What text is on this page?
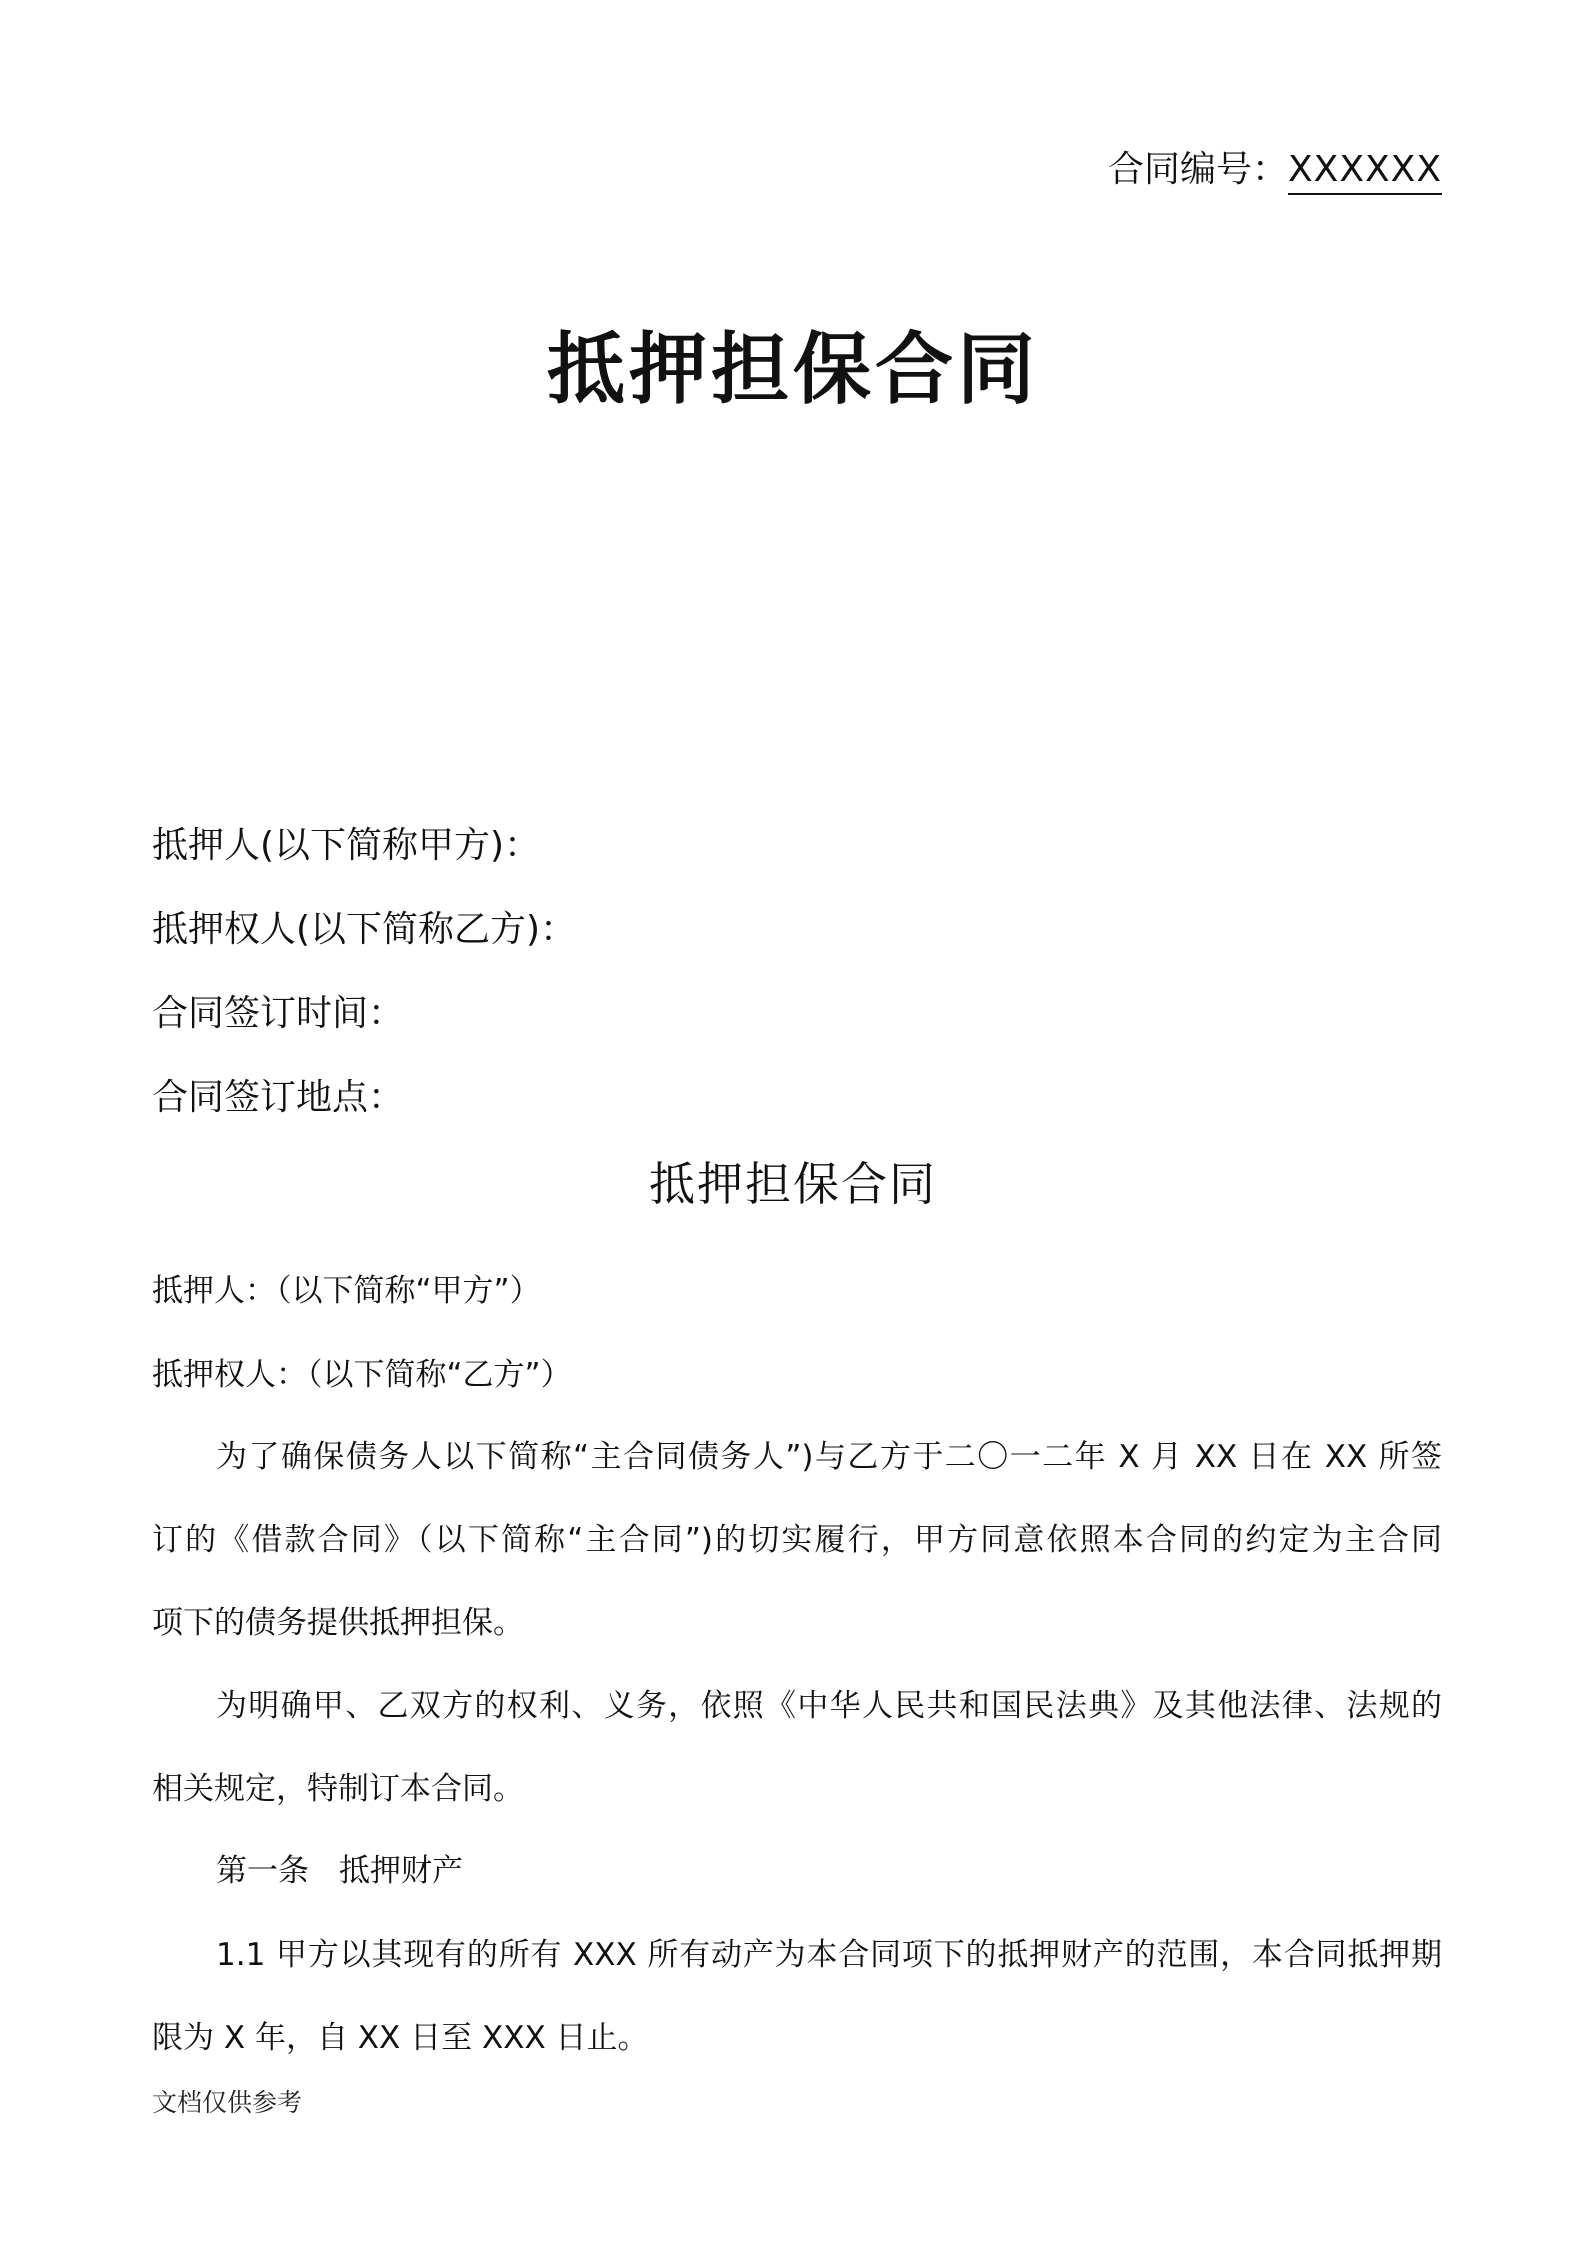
合同编号：XXXXXX
抵押担保合同
抵押人(以下简称甲方)：
抵押权人(以下简称乙方)：
合同签订时间：
合同签订地点：
抵押担保合同
抵押人：（以下简称“甲方”）
抵押权人：（以下简称“乙方”）

为了确保债务人以下简称“主合同债务人”)与乙方于二〇一二年 X 月 XX 日在 XX 所签
订的《借款合同》（以下简称“主合同”)的切实履行，甲方同意依照本合同的约定为主合同
项下的债务提供抵押担保。

为明确甲、乙双方的权利、义务，依照《中华人民共和国民法典》及其他法律、法规的
相关规定，特制订本合同。

第一条 抵押财产

1.1 甲方以其现有的所有 XXX 所有动产为本合同项下的抵押财产的范围，本合同抵押期
限为 X 年，自 XX 日至 XXX 日止。

文档仅供参考
